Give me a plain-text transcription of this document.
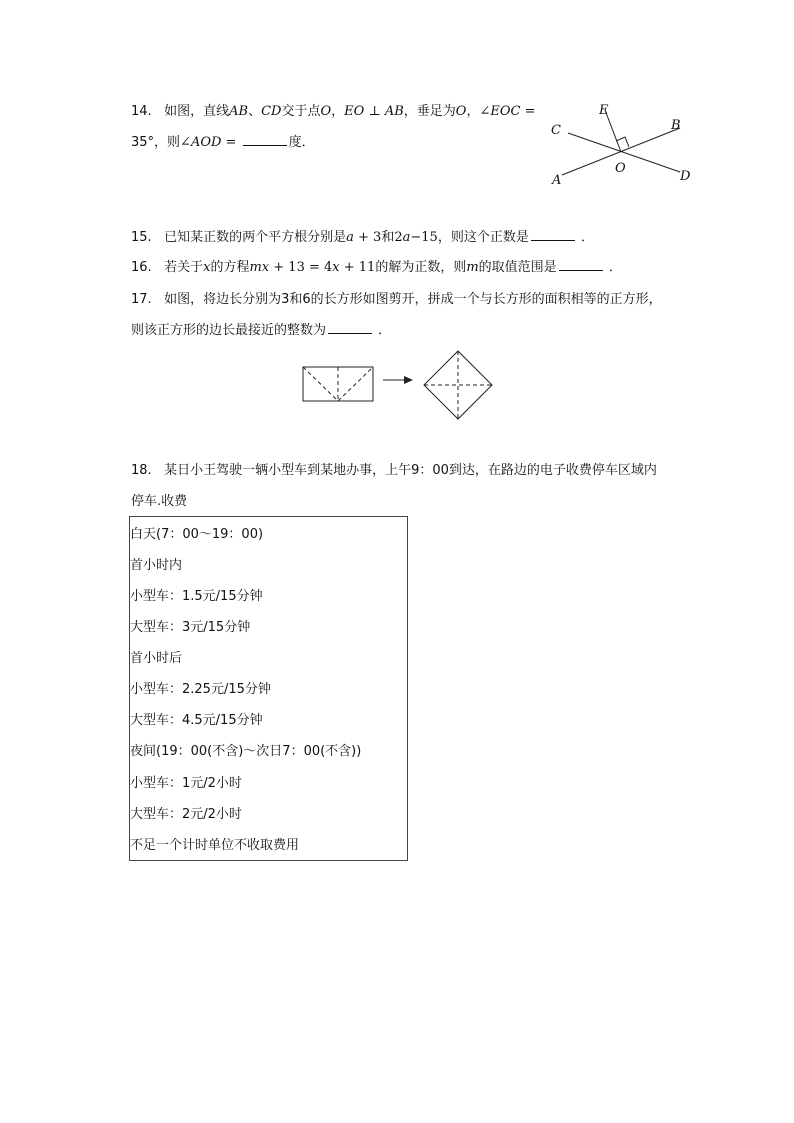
14. 如图，直线AB、CD交于点O，EO ⊥ AB，垂足为O，∠EOC =
35°，则∠AOD =	度．
E
B
C
O
A	D
15. 已知某正数的两个平方根分别是a + 3和2a−15，则这个正数是	．
16. 若关于x的方程mx + 13 = 4x + 11的解为正数，则m的取值范围是	．
17. 如图，将边长分别为3和6的长方形如图剪开，拼成一个与长方形的面积相等的正方形，
则该正方形的边长最接近的整数为	．
18. 某日小王驾驶一辆小型车到某地办事，上午9：00到达，在路边的电子收费停车区域内
停车.收费
白天(7：00～19：00)
首小时内
小型车：1.5元/15分钟
大型车：3元/15分钟
首小时后
小型车：2.25元/15分钟
大型车：4.5元/15分钟
夜间(19：00(不含)～次日7：00(不含))
小型车：1元/2小时
大型车：2元/2小时
不足一个计时单位不收取费用
